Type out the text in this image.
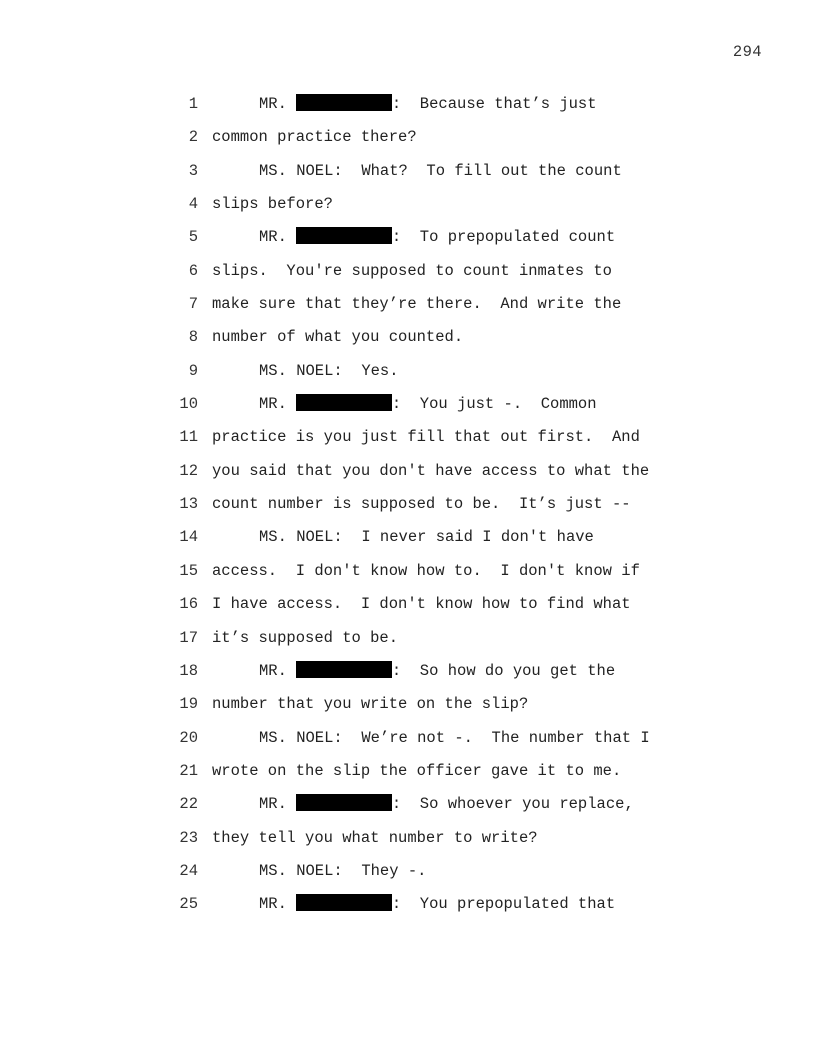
294
1	MR.	:  Because that’s just
2 common practice there?
3	MS. NOEL:  What?  To fill out the count
4 slips before?
5	MR.	:  To prepopulated count
6 slips.  You're supposed to count inmates to
7 make sure that they’re there.  And write the
8 number of what you counted.
9	MS. NOEL:  Yes.
10	MR.	:  You just -.  Common
11 practice is you just fill that out first.  And
12 you said that you don't have access to what the
13 count number is supposed to be.  It’s just --
14	MS. NOEL:  I never said I don't have
15 access.  I don't know how to.  I don't know if
16 I have access.  I don't know how to find what
17 it’s supposed to be.
18	MR.	:  So how do you get the
19 number that you write on the slip?
20	MS. NOEL:  We’re not -.  The number that I
21 wrote on the slip the officer gave it to me.
22	MR.	:  So whoever you replace,
23 they tell you what number to write?
24	MS. NOEL:  They -.
25	MR.	:  You prepopulated that
